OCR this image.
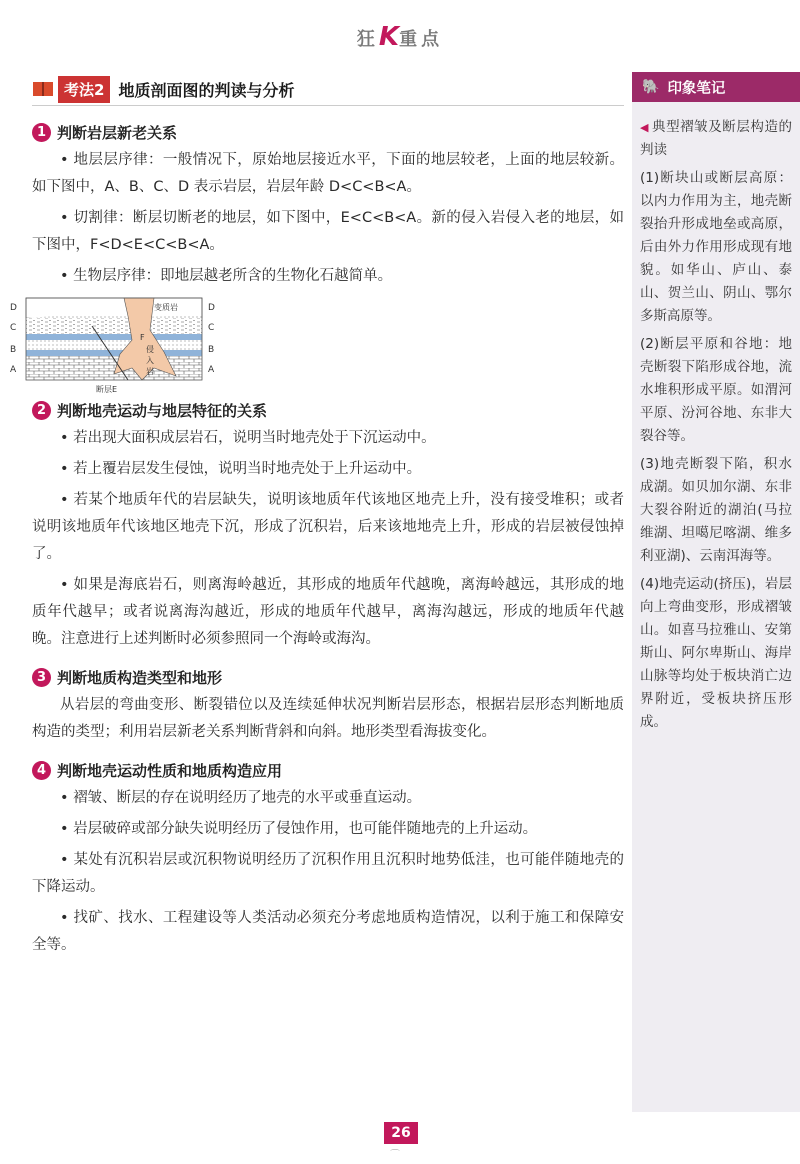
狂K重点
考法2 地质剖面图的判读与分析
1 判断岩层新老关系

• 地层层序律：一般情况下，原始地层接近水平，下面的地层较老，上面的地层较新。如下图中，A、B、C、D 表示岩层，岩层年龄 D<C<B<A。

• 切割律：断层切断老的地层，如下图中，E<C<B<A。新的侵入岩侵入老的地层，如下图中，F<D<E<C<B<A。

• 生物层序律：即地层越老所含的生物化石越简单。

D
C
B
A
D
C
B
A
变质岩
F
侵
入
岩
断层E
2 判断地壳运动与地层特征的关系

• 若出现大面积成层岩石，说明当时地壳处于下沉运动中。

• 若上覆岩层发生侵蚀，说明当时地壳处于上升运动中。

• 若某个地质年代的岩层缺失，说明该地质年代该地区地壳上升，没有接受堆积；或者说明该地质年代该地区地壳下沉，形成了沉积岩，后来该地地壳上升，形成的岩层被侵蚀掉了。

• 如果是海底岩石，则离海岭越近，其形成的地质年代越晚，离海岭越远，其形成的地质年代越早；或者说离海沟越近，形成的地质年代越早，离海沟越远，形成的地质年代越晚。注意进行上述判断时必须参照同一个海岭或海沟。

3 判断地质构造类型和地形

从岩层的弯曲变形、断裂错位以及连续延伸状况判断岩层形态，根据岩层形态判断地质构造的类型；利用岩层新老关系判断背斜和向斜。地形类型看海拔变化。

4 判断地壳运动性质和地质构造应用

• 褶皱、断层的存在说明经历了地壳的水平或垂直运动。

• 岩层破碎或部分缺失说明经历了侵蚀作用，也可能伴随地壳的上升运动。

• 某处有沉积岩层或沉积物说明经历了沉积作用且沉积时地势低洼，也可能伴随地壳的下降运动。

• 找矿、找水、工程建设等人类活动必须充分考虑地质构造情况，以利于施工和保障安全等。

🐘 印象笔记

◀ 典型褶皱及断层构造的判读

(1)断块山或断层高原：以内力作用为主，地壳断裂抬升形成地垒或高原，后由外力作用形成现有地貌。如华山、庐山、泰山、贺兰山、阴山、鄂尔多斯高原等。

(2)断层平原和谷地：地壳断裂下陷形成谷地，流水堆积形成平原。如渭河平原、汾河谷地、东非大裂谷等。

(3)地壳断裂下陷，积水成湖。如贝加尔湖、东非大裂谷附近的湖泊(马拉维湖、坦噶尼喀湖、维多利亚湖)、云南洱海等。

(4)地壳运动(挤压)，岩层向上弯曲变形，形成褶皱山。如喜马拉雅山、安第斯山、阿尔卑斯山、海岸山脉等均处于板块消亡边界附近，受板块挤压形成。

26
⌒
